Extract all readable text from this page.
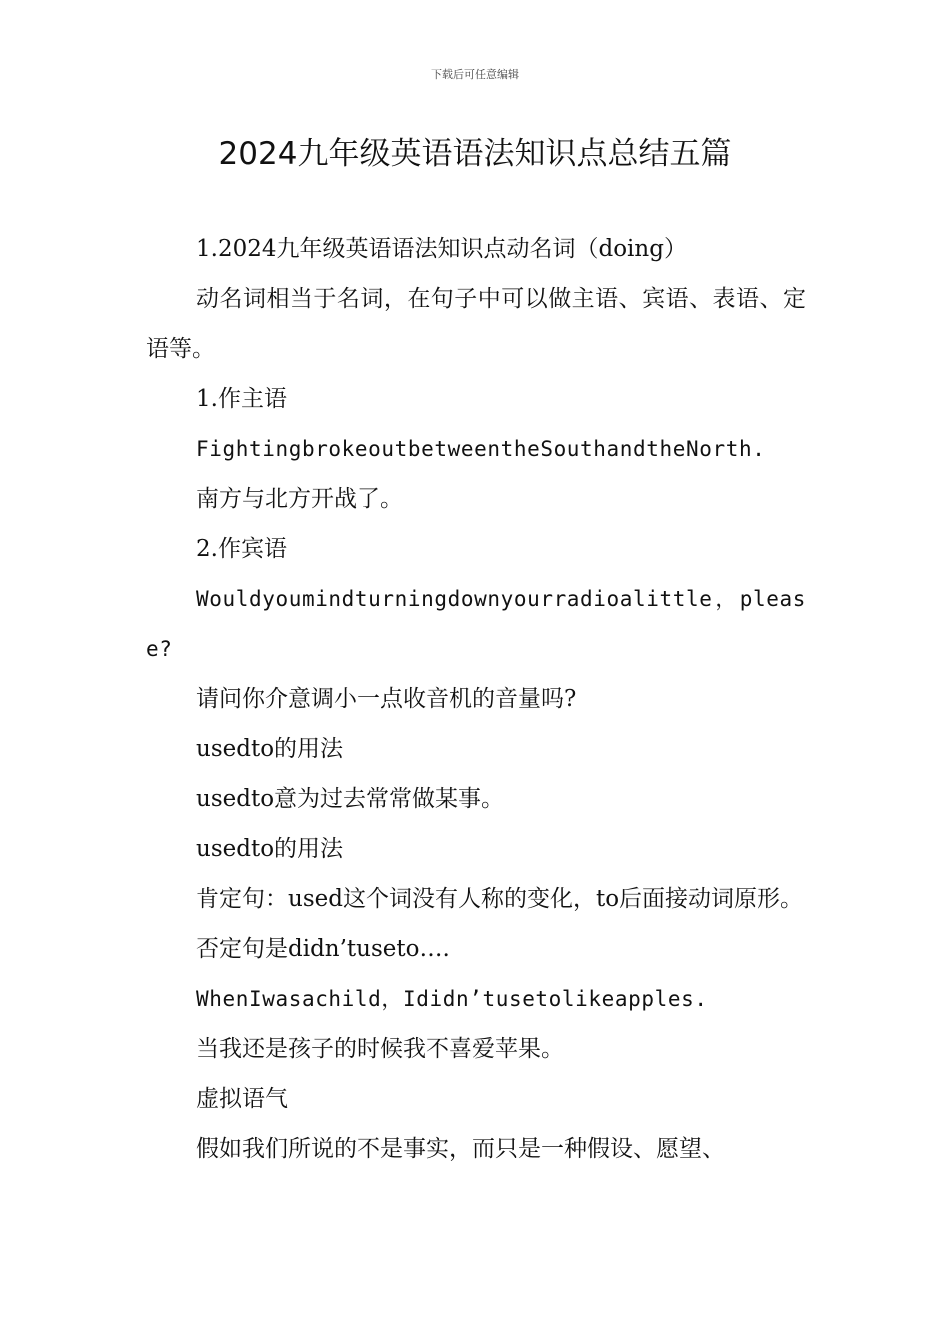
下载后可任意编辑
2024九年级英语语法知识点总结五篇

1.2024九年级英语语法知识点动名词（doing）

动名词相当于名词，在句子中可以做主语、宾语、表语、定语等。

1.作主语

FightingbrokeoutbetweentheSouthandtheNorth.

南方与北方开战了。

2.作宾语

Wouldyoumindturningdownyourradioalittle，please?

请问你介意调小一点收音机的音量吗?

usedto的用法

usedto意为过去常常做某事。

usedto的用法

肯定句：used这个词没有人称的变化，to后面接动词原形。

否定句是didn’tuseto….

WhenIwasachild，Ididn’tusetolikeapples.

当我还是孩子的时候我不喜爱苹果。

虚拟语气

假如我们所说的不是事实，而只是一种假设、愿望、
